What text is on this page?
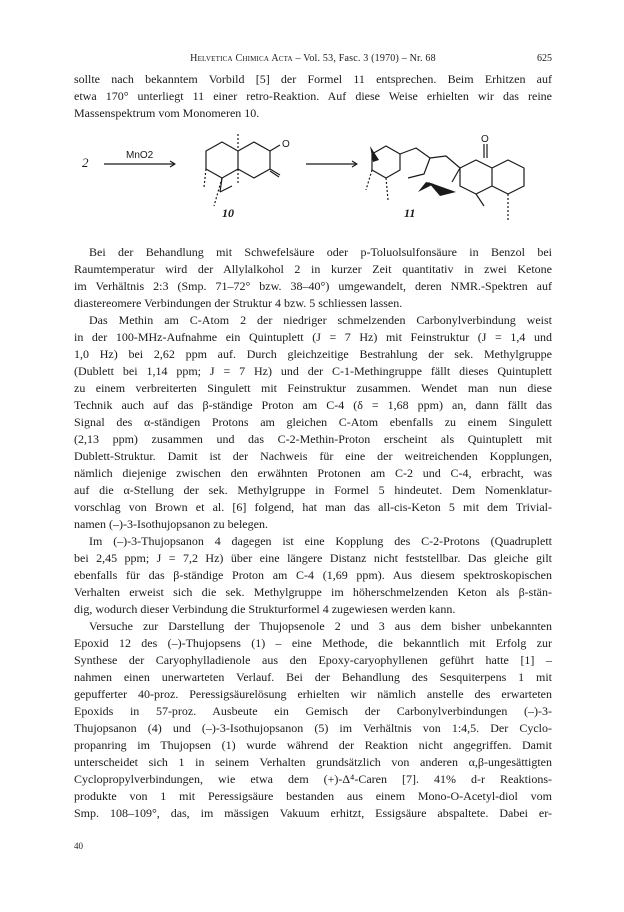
Helvetica Chimica Acta – Vol. 53, Fasc. 3 (1970) – Nr. 68	625
sollte nach bekanntem Vorbild [5] der Formel 11 entsprechen. Beim Erhitzen auf
etwa 170° unterliegt 11 einer retro-Reaktion. Auf diese Weise erhielten wir das reine
Massenspektrum vom Monomeren 10.
2
10	11
MnO2
O	O
Bei der Behandlung mit Schwefelsäure oder p-Toluolsulfonsäure in Benzol bei
Raumtemperatur wird der Allylalkohol 2 in kurzer Zeit quantitativ in zwei Ketone
im Verhältnis 2:3 (Smp. 71–72° bzw. 38–40°) umgewandelt, deren NMR.-Spektren auf
diastereomere Verbindungen der Struktur 4 bzw. 5 schliessen lassen.
Das Methin am C-Atom 2 der niedriger schmelzenden Carbonylverbindung weist
in der 100-MHz-Aufnahme ein Quintuplett (J = 7 Hz) mit Feinstruktur (J = 1,4 und
1,0 Hz) bei 2,62 ppm auf. Durch gleichzeitige Bestrahlung der sek. Methylgruppe
(Dublett bei 1,14 ppm; J = 7 Hz) und der C-1-Methingruppe fällt dieses Quintuplett
zu einem verbreiterten Singulett mit Feinstruktur zusammen. Wendet man nun diese
Technik auch auf das β-ständige Proton am C-4 (δ = 1,68 ppm) an, dann fällt das
Signal des α-ständigen Protons am gleichen C-Atom ebenfalls zu einem Singulett
(2,13 ppm) zusammen und das C-2-Methin-Proton erscheint als Quintuplett mit
Dublett-Struktur. Damit ist der Nachweis für eine der weitreichenden Kopplungen,
nämlich diejenige zwischen den erwähnten Protonen am C-2 und C-4, erbracht, was
auf die α-Stellung der sek. Methylgruppe in Formel 5 hindeutet. Dem Nomenklatur-
vorschlag von Brown et al. [6] folgend, hat man das all-cis-Keton 5 mit dem Trivial-
namen (–)-3-Isothujopsanon zu belegen.
Im (–)-3-Thujopsanon 4 dagegen ist eine Kopplung des C-2-Protons (Quadruplett
bei 2,45 ppm; J = 7,2 Hz) über eine längere Distanz nicht feststellbar. Das gleiche gilt
ebenfalls für das β-ständige Proton am C-4 (1,69 ppm). Aus diesem spektroskopischen
Verhalten erweist sich die sek. Methylgruppe im höherschmelzenden Keton als β-stän-
dig, wodurch dieser Verbindung die Strukturformel 4 zugewiesen werden kann.
Versuche zur Darstellung der Thujopsenole 2 und 3 aus dem bisher unbekannten
Epoxid 12 des (–)-Thujopsens (1) – eine Methode, die bekanntlich mit Erfolg zur
Synthese der Caryophylladienole aus den Epoxy-caryophyllenen geführt hatte [1] –
nahmen einen unerwarteten Verlauf. Bei der Behandlung des Sesquiterpens 1 mit
gepufferter 40-proz. Peressigsäurelösung erhielten wir nämlich anstelle des erwarteten
Epoxids in 57-proz. Ausbeute ein Gemisch der Carbonylverbindungen (–)-3-
Thujopsanon (4) und (–)-3-Isothujopsanon (5) im Verhältnis von 1:4,5. Der Cyclo-
propanring im Thujopsen (1) wurde während der Reaktion nicht angegriffen. Damit
unterscheidet sich 1 in seinem Verhalten grundsätzlich von anderen α,β-ungesättigten
Cyclopropylverbindungen, wie etwa dem (+)-Δ⁴-Caren [7]. 41% d-r Reaktions-
produkte von 1 mit Peressigsäure bestanden aus einem Mono-O-Acetyl-diol vom
Smp. 108–109°, das, im mässigen Vakuum erhitzt, Essigsäure abspaltete. Dabei er-
40
